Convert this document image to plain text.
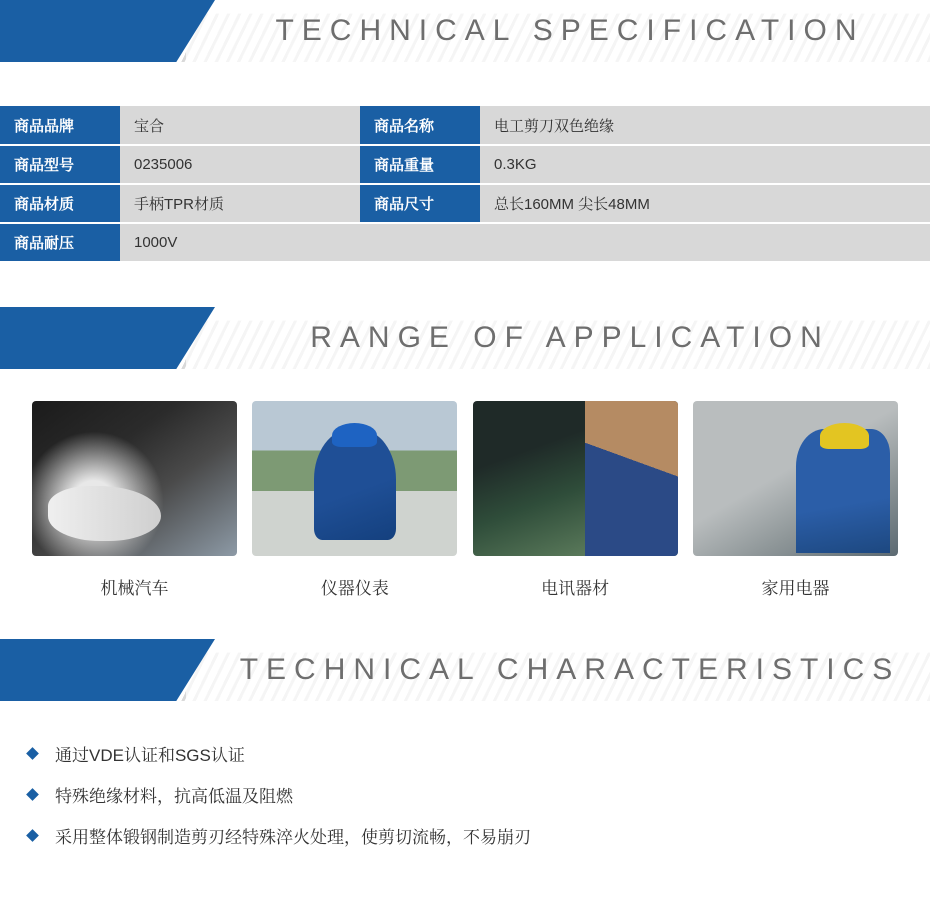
TECHNICAL SPECIFICATION
商品品牌	宝合	商品名称	电工剪刀双色绝缘
商品型号	0235006	商品重量	0.3KG
商品材质	手柄TPR材质	商品尺寸	总长160MM 尖长48MM
商品耐压	1000V		
RANGE OF APPLICATION
机械汽车	仪器仪表	电讯器材	家用电器
TECHNICAL CHARACTERISTICS
通过VDE认证和SGS认证
特殊绝缘材料，抗高低温及阻燃
采用整体锻钢制造剪刃经特殊淬火处理，使剪切流畅，不易崩刃
